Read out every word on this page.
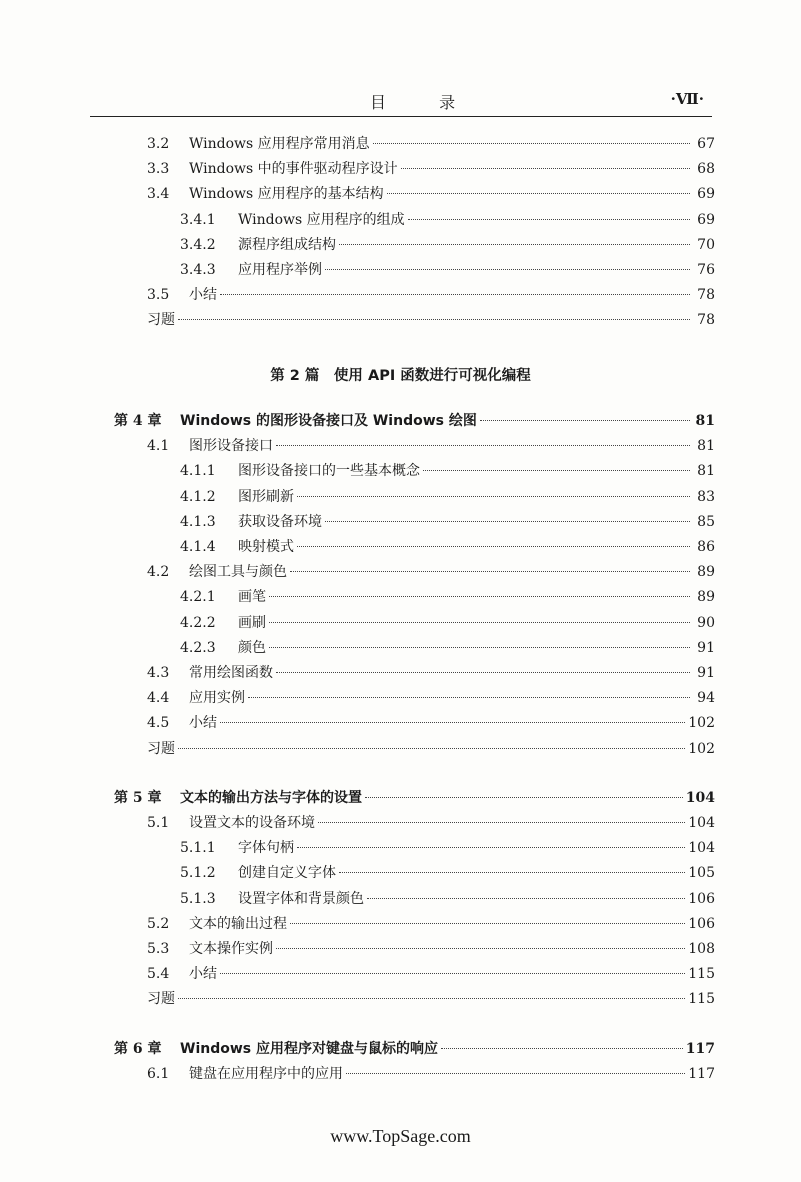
目 录	·Ⅶ·
3.2	Windows 应用程序常用消息	67
3.3	Windows 中的事件驱动程序设计	68
3.4	Windows 应用程序的基本结构	69
3.4.1	Windows 应用程序的组成	69
3.4.2	源程序组成结构	70
3.4.3	应用程序举例	76
3.5	小结	78
习题	78
第 4 章	Windows 的图形设备接口及 Windows 绘图	81
4.1	图形设备接口	81
4.1.1	图形设备接口的一些基本概念	81
4.1.2	图形刷新	83
4.1.3	获取设备环境	85
4.1.4	映射模式	86
4.2	绘图工具与颜色	89
4.2.1	画笔	89
4.2.2	画刷	90
4.2.3	颜色	91
4.3	常用绘图函数	91
4.4	应用实例	94
4.5	小结	102
习题	102
第 5 章	文本的输出方法与字体的设置	104
5.1	设置文本的设备环境	104
5.1.1	字体句柄	104
5.1.2	创建自定义字体	105
5.1.3	设置字体和背景颜色	106
5.2	文本的输出过程	106
5.3	文本操作实例	108
5.4	小结	115
习题	115
第 6 章	Windows 应用程序对键盘与鼠标的响应	117
6.1	键盘在应用程序中的应用	117
第 2 篇　使用 API 函数进行可视化编程
www.TopSage.com
